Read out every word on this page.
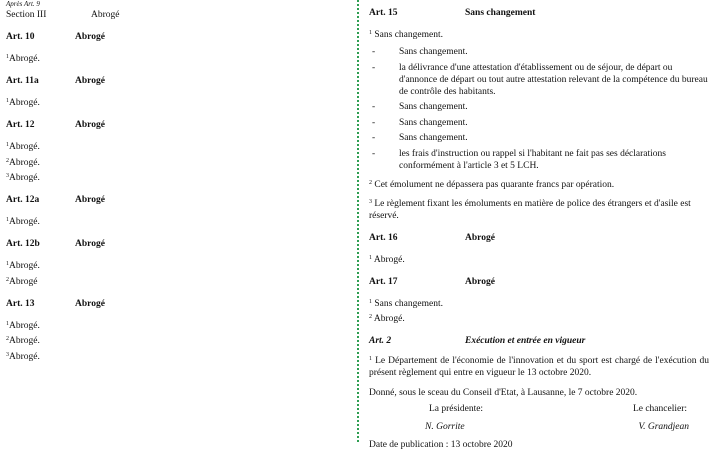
Après Art. 9
Section III	Abrogé
Art. 10	Abrogé
$^1$Abrogé.
Art. 11a	Abrogé
$^1$Abrogé.
Art. 12	Abrogé
$^1$Abrogé.
$^2$Abrogé.
$^3$Abrogé.
Art. 12a	Abrogé
$^1$Abrogé.
Art. 12b	Abrogé
$^1$Abrogé.
$^2$Abrogé
Art. 13	Abrogé
$^1$Abrogé.
$^2$Abrogé.
$^3$Abrogé.
Art. 15	Sans changement
$^1$ Sans changement.
-	Sans changement.
-	la délivrance d'une attestation d'établissement ou de séjour, de départ ou d'annonce de départ ou tout autre attestation relevant de la compétence du bureau de contrôle des habitants.
-	Sans changement.
-	Sans changement.
-	Sans changement.
-	les frais d'instruction ou rappel si l'habitant ne fait pas ses déclarations conformément à l'article 3 et 5 LCH.
$^2$ Cet émolument ne dépassera pas quarante francs par opération.
$^3$ Le règlement fixant les émoluments en matière de police des étrangers et d'asile est réservé.
Art. 16	Abrogé
$^1$ Abrogé.
Art. 17	Abrogé
$^1$ Sans changement.
$^2$ Abrogé.
Art. 2	Exécution et entrée en vigueur
$^1$ Le Département de l'économie de l'innovation et du sport est chargé de l'exécution du présent règlement qui entre en vigueur le 13 octobre 2020.
Donné, sous le sceau du Conseil d'Etat, à Lausanne, le 7 octobre 2020.
La présidente:	Le chancelier:
N. Gorrite	V. Grandjean
Date de publication : 13 octobre 2020
